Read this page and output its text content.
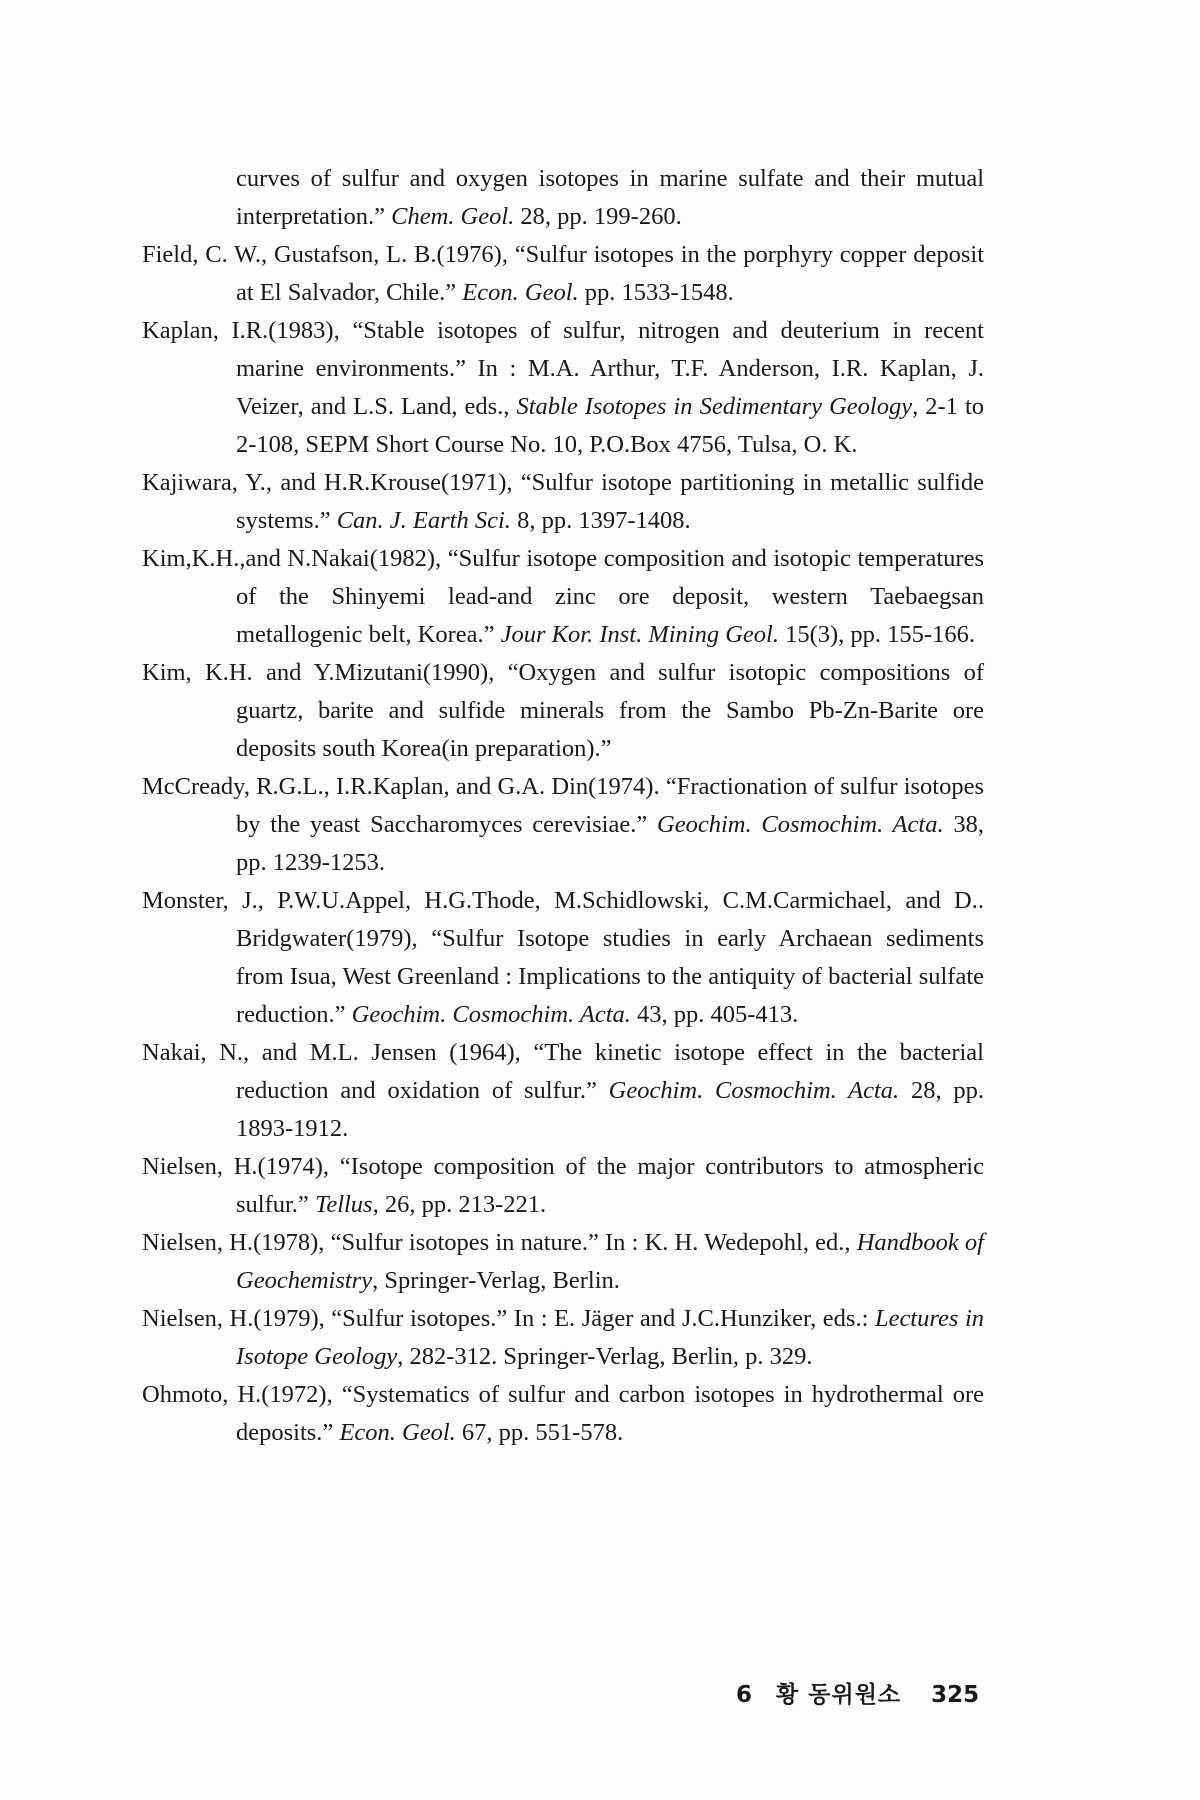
curves of sulfur and oxygen isotopes in marine sulfate and their mutual interpretation.” Chem. Geol. 28, pp. 199-260.

Field, C. W., Gustafson, L. B.(1976), “Sulfur isotopes in the porphyry copper deposit at El Salvador, Chile.” Econ. Geol. pp. 1533-1548.

Kaplan, I.R.(1983), “Stable isotopes of sulfur, nitrogen and deuterium in recent marine environments.” In : M.A. Arthur, T.F. Anderson, I.R. Kaplan, J. Veizer, and L.S. Land, eds., Stable Isotopes in Sedimentary Geology, 2-1 to 2-108, SEPM Short Course No. 10, P.O.Box 4756, Tulsa, O. K.

Kajiwara, Y., and H.R.Krouse(1971), “Sulfur isotope partitioning in metallic sulfide systems.” Can. J. Earth Sci. 8, pp. 1397-1408.

Kim,K.H.,and N.Nakai(1982), “Sulfur isotope composition and isotopic temperatures of the Shinyemi lead-and zinc ore deposit, western Taebaegsan metallogenic belt, Korea.” Jour Kor. Inst. Mining Geol. 15(3), pp. 155-166.

Kim, K.H. and Y.Mizutani(1990), “Oxygen and sulfur isotopic compositions of guartz, barite and sulfide minerals from the Sambo Pb-Zn-Barite ore deposits south Korea(in preparation).”

McCready, R.G.L., I.R.Kaplan, and G.A. Din(1974). “Fractionation of sulfur isotopes by the yeast Saccharomyces cerevisiae.” Geochim. Cosmochim. Acta. 38, pp. 1239-1253.

Monster, J., P.W.U.Appel, H.G.Thode, M.Schidlowski, C.M.Carmichael, and D.. Bridgwater(1979), “Sulfur Isotope studies in early Archaean sediments from Isua, West Greenland : Implications to the antiquity of bacterial sulfate reduction.” Geochim. Cosmochim. Acta. 43, pp. 405-413.

Nakai, N., and M.L. Jensen (1964), “The kinetic isotope effect in the bacterial reduction and oxidation of sulfur.” Geochim. Cosmochim. Acta. 28, pp. 1893-1912.

Nielsen, H.(1974), “Isotope composition of the major contributors to atmospheric sulfur.” Tellus, 26, pp. 213-221.

Nielsen, H.(1978), “Sulfur isotopes in nature.” In : K. H. Wedepohl, ed., Handbook of Geochemistry, Springer-Verlag, Berlin.

Nielsen, H.(1979), “Sulfur isotopes.” In : E. Jäger and J.C.Hunziker, eds.: Lectures in Isotope Geology, 282-312. Springer-Verlag, Berlin, p. 329.

Ohmoto, H.(1972), “Systematics of sulfur and carbon isotopes in hydrothermal ore deposits.” Econ. Geol. 67, pp. 551-578.

6 황 동위원소 325
